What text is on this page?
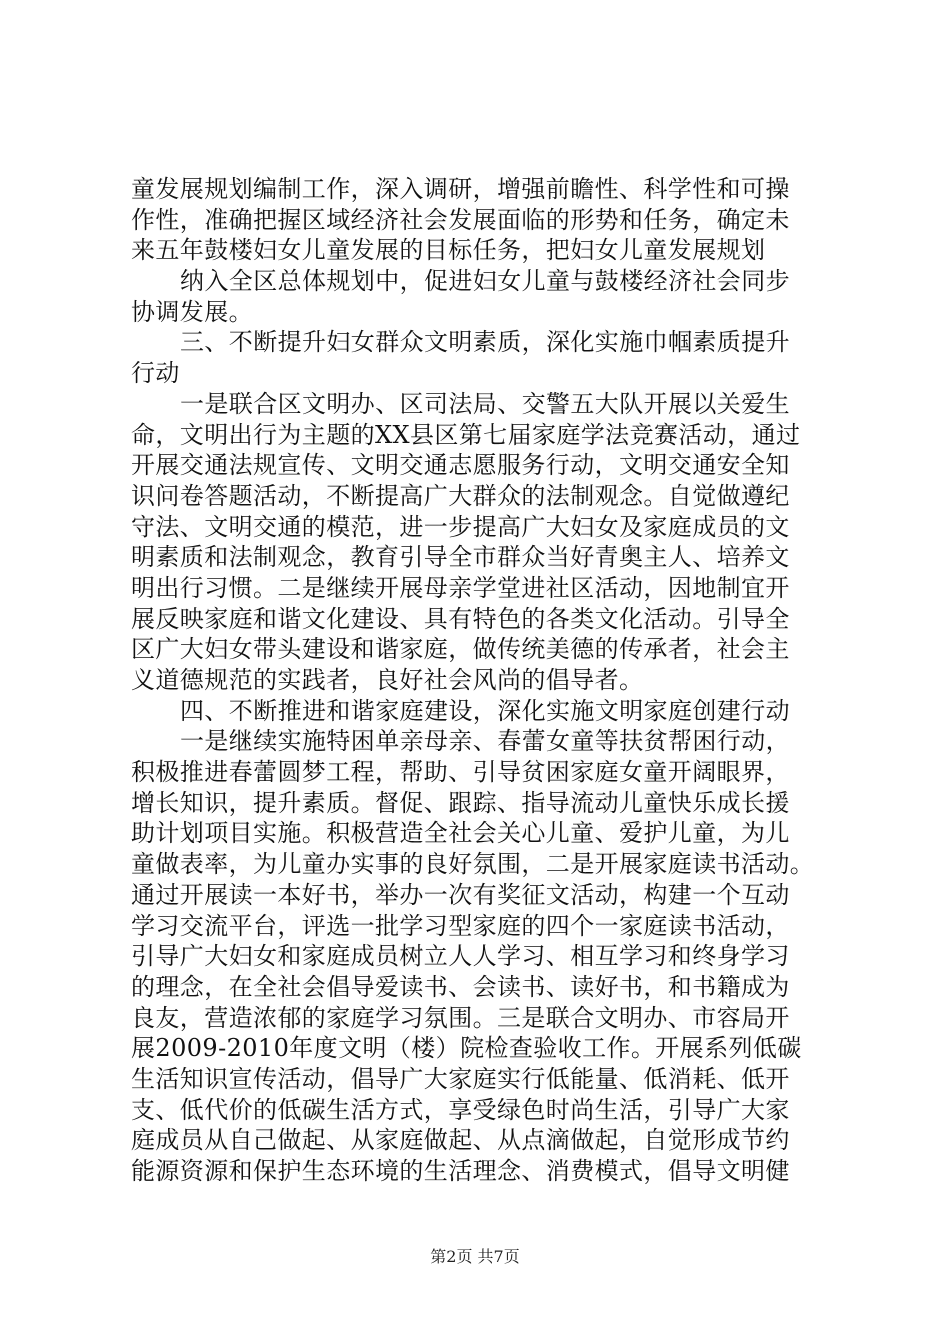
童发展规划编制工作，深入调研，增强前瞻性、科学性和可操
作性，准确把握区域经济社会发展面临的形势和任务，确定未
来五年鼓楼妇女儿童发展的目标任务，把妇女儿童发展规划
纳入全区总体规划中，促进妇女儿童与鼓楼经济社会同步
协调发展。
三、不断提升妇女群众文明素质，深化实施巾帼素质提升
行动
一是联合区文明办、区司法局、交警五大队开展以关爱生
命，文明出行为主题的XX县区第七届家庭学法竞赛活动，通过
开展交通法规宣传、文明交通志愿服务行动，文明交通安全知
识问卷答题活动，不断提高广大群众的法制观念。自觉做遵纪
守法、文明交通的模范，进一步提高广大妇女及家庭成员的文
明素质和法制观念，教育引导全市群众当好青奥主人、培养文
明出行习惯。二是继续开展母亲学堂进社区活动，因地制宜开
展反映家庭和谐文化建设、具有特色的各类文化活动。引导全
区广大妇女带头建设和谐家庭，做传统美德的传承者，社会主
义道德规范的实践者，良好社会风尚的倡导者。
四、不断推进和谐家庭建设，深化实施文明家庭创建行动
一是继续实施特困单亲母亲、春蕾女童等扶贫帮困行动，
积极推进春蕾圆梦工程，帮助、引导贫困家庭女童开阔眼界，
增长知识，提升素质。督促、跟踪、指导流动儿童快乐成长援
助计划项目实施。积极营造全社会关心儿童、爱护儿童，为儿
童做表率，为儿童办实事的良好氛围，二是开展家庭读书活动。
通过开展读一本好书，举办一次有奖征文活动，构建一个互动
学习交流平台，评选一批学习型家庭的四个一家庭读书活动，
引导广大妇女和家庭成员树立人人学习、相互学习和终身学习
的理念，在全社会倡导爱读书、会读书、读好书，和书籍成为
良友，营造浓郁的家庭学习氛围。三是联合文明办、市容局开
展2009-2010年度文明（楼）院检查验收工作。开展系列低碳
生活知识宣传活动，倡导广大家庭实行低能量、低消耗、低开
支、低代价的低碳生活方式，享受绿色时尚生活，引导广大家
庭成员从自己做起、从家庭做起、从点滴做起，自觉形成节约
能源资源和保护生态环境的生活理念、消费模式，倡导文明健
第2页 共7页
